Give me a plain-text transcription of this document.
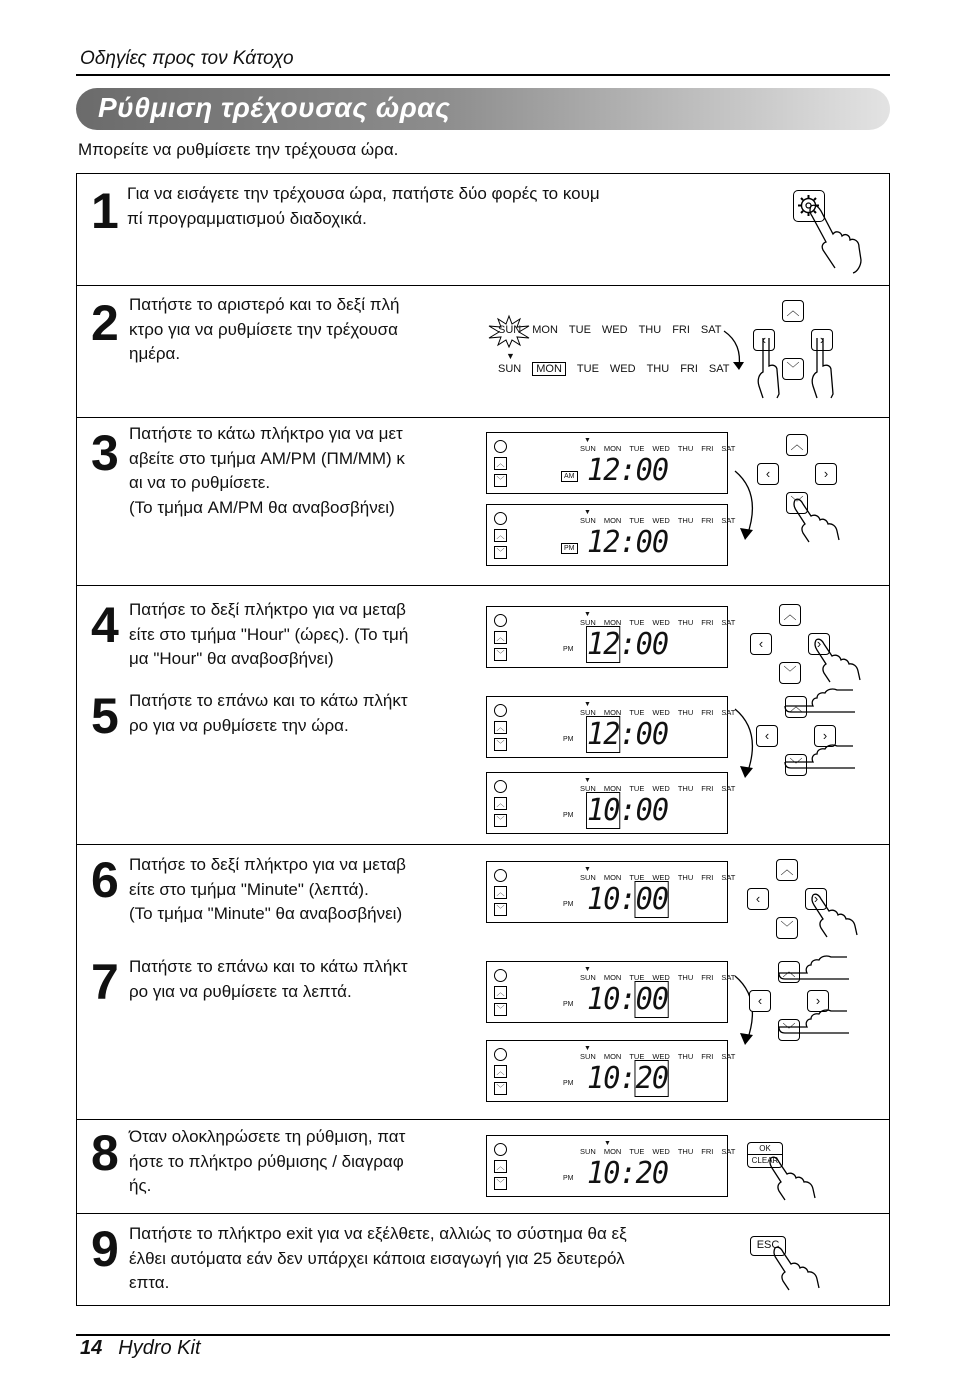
Οδηγίες προς τον Κάτοχο
Ρύθμιση τρέχουσας ώρας
Μπορείτε να ρυθμίσετε την τρέχουσα ώρα.
1 Για να εισάγετε την τρέχουσα ώρα, πατήστε δύο φορές το κουμ
πί προγραμματισμού διαδοχικά.
2 Πατήστε το αριστερό και το δεξί πλή
κτρο για να ρυθμίσετε την τρέχουσα
ημέρα.
SUN MON TUE WED THU FRI SAT
▼
SUN MON TUE WED THU FRI SAT
︿
‹	›
﹀
3 Πατήστε το κάτω πλήκτρο για να μετ
αβείτε στο τμήμα AM/PM (ΠΜ/ΜΜ) κ
αι να το ρυθμίσετε.
(Το τμήμα AM/PM θα αναβοσβήνει)
︿
﹀
▼
SUN MON TUE WED THU FRI SAT
AM 12:00
︿
﹀
▼
SUN MON TUE WED THU FRI SAT
PM 12:00
︿
‹	›
﹀
4 Πατήσε το δεξί πλήκτρο για να μεταβ
είτε στο τμήμα "Hour" (ώρες). (Το τμή
μα "Hour" θα αναβοσβήνει)
5 Πατήστε το επάνω και το κάτω πλήκτ
ρο για να ρυθμίσετε την ώρα.
︿
﹀
▼
SUN MON TUE WED THU FRI SAT
PM 12:00
︿
﹀
▼
SUN MON TUE WED THU FRI SAT
PM 12:00
︿
﹀
▼
SUN MON TUE WED THU FRI SAT
PM 10:00
︿
‹	›
﹀
︿
‹	›
﹀
6 Πατήσε το δεξί πλήκτρο για να μεταβ
είτε στο τμήμα "Minute" (λεπτά).
(Το τμήμα "Minute" θα αναβοσβήνει)
7 Πατήστε το επάνω και το κάτω πλήκτ
ρο για να ρυθμίσετε τα λεπτά.
︿
﹀
▼
SUN MON TUE WED THU FRI SAT
PM 10:00
︿
﹀
▼
SUN MON TUE WED THU FRI SAT
PM 10:00
︿
﹀
▼
SUN MON TUE WED THU FRI SAT
PM 10:20
︿
‹	›
﹀
︿
‹	›
﹀
8 Όταν ολοκληρώσετε τη ρύθμιση, πατ
ήστε το πλήκτρο ρύθμισης / διαγραφ
ής.
︿
﹀
▼
SUN MON TUE WED THU FRI SAT
PM 10:20
OK
CLEAR
9 Πατήστε το πλήκτρο exit για να εξέλθετε, αλλιώς το σύστημα θα εξ
έλθει αυτόματα εάν δεν υπάρχει κάποια εισαγωγή για 25 δευτερόλ
επτα.
ESC
14 Hydro Kit
